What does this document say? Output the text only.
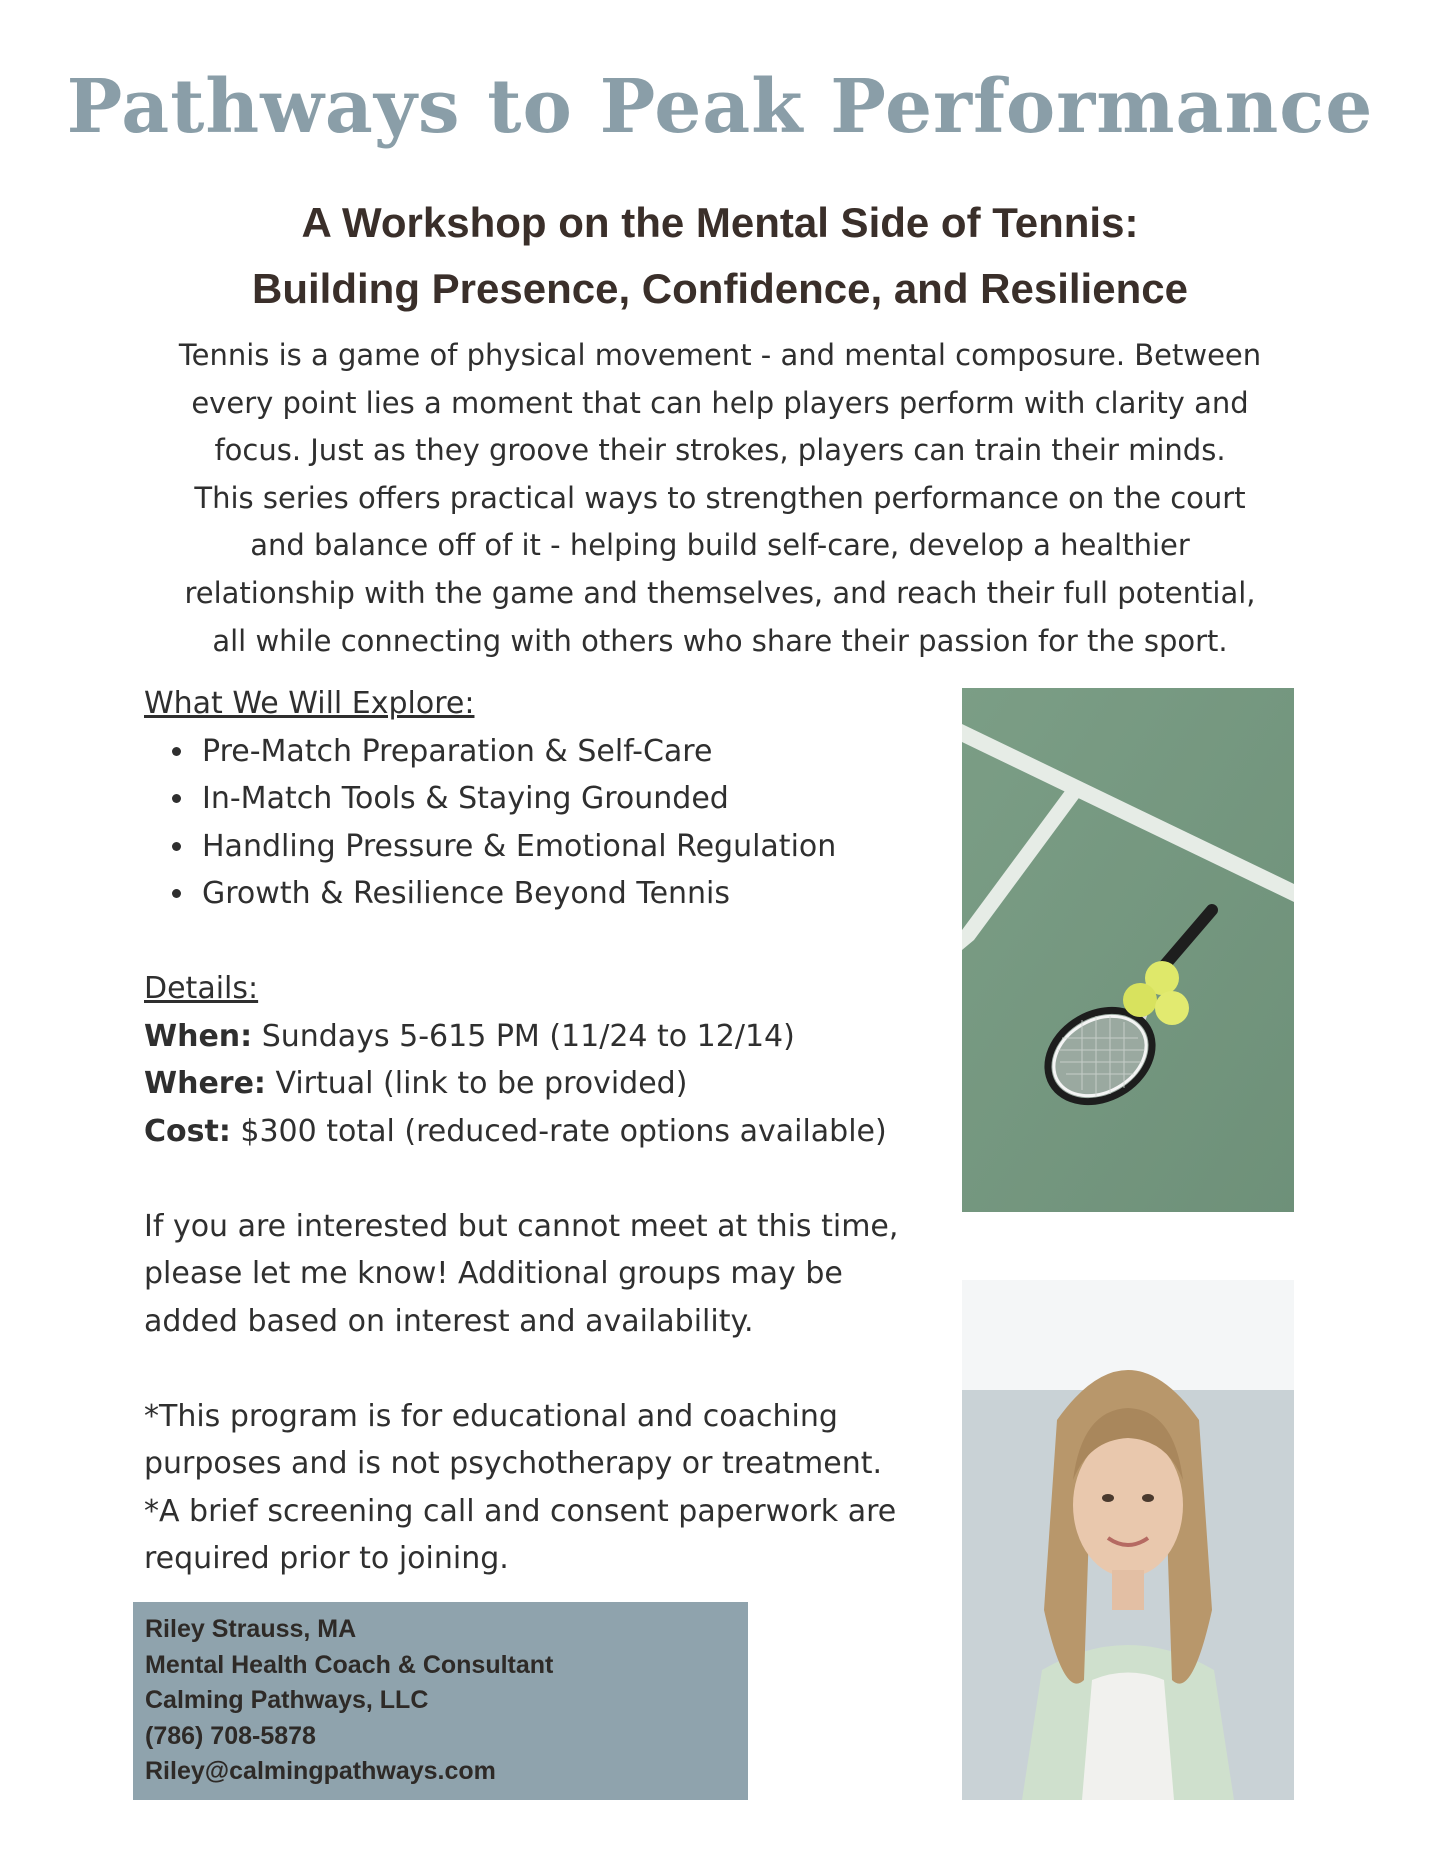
Pathways to Peak Performance
A Workshop on the Mental Side of Tennis:
Building Presence, Confidence, and Resilience
Tennis is a game of physical movement - and mental composure. Between
every point lies a moment that can help players perform with clarity and
focus. Just as they groove their strokes, players can train their minds.
This series offers practical ways to strengthen performance on the court
and balance off of it - helping build self-care, develop a healthier
relationship with the game and themselves, and reach their full potential,
all while connecting with others who share their passion for the sport.

What We Will Explore:

Pre-Match Preparation & Self-Care
In-Match Tools & Staying Grounded
Handling Pressure & Emotional Regulation
Growth & Resilience Beyond Tennis

Details:

When: Sundays 5-615 PM (11/24 to 12/14)

Where: Virtual (link to be provided)

Cost: $300 total (reduced-rate options available)

If you are interested but cannot meet at this time,

please let me know! Additional groups may be

added based on interest and availability.

*This program is for educational and coaching

purposes and is not psychotherapy or treatment.

*A brief screening call and consent paperwork are

required prior to joining.

Riley Strauss, MA
Mental Health Coach & Consultant
Calming Pathways, LLC
(786) 708-5878
Riley@calmingpathways.com
